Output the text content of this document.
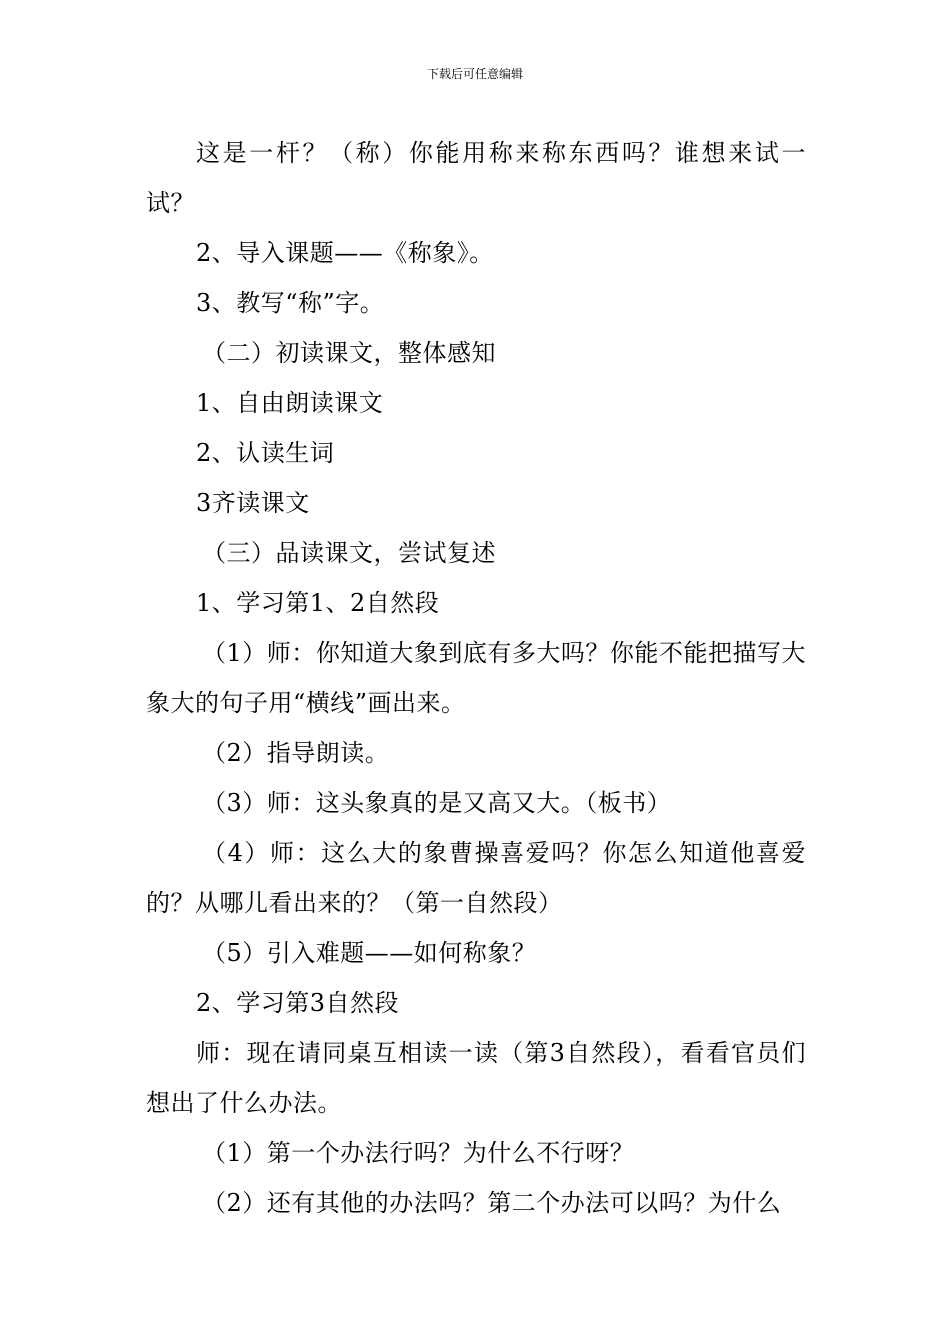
下载后可任意编辑

这是一杆？（称）你能用称来称东西吗？谁想来试一试？

2、导入课题——《称象》。

3、教写“称”字。

（二）初读课文，整体感知

1、自由朗读课文

2、认读生词

3齐读课文

（三）品读课文，尝试复述

1、学习第1、2自然段

（1）师：你知道大象到底有多大吗？你能不能把描写大象大的句子用“横线”画出来。

（2）指导朗读。

（3）师：这头象真的是又高又大。（板书）

（4）师：这么大的象曹操喜爱吗？你怎么知道他喜爱的？从哪儿看出来的？（第一自然段）

（5）引入难题——如何称象？

2、学习第3自然段

师：现在请同桌互相读一读（第3自然段），看看官员们想出了什么办法。

（1）第一个办法行吗？为什么不行呀？

（2）还有其他的办法吗？第二个办法可以吗？为什么
